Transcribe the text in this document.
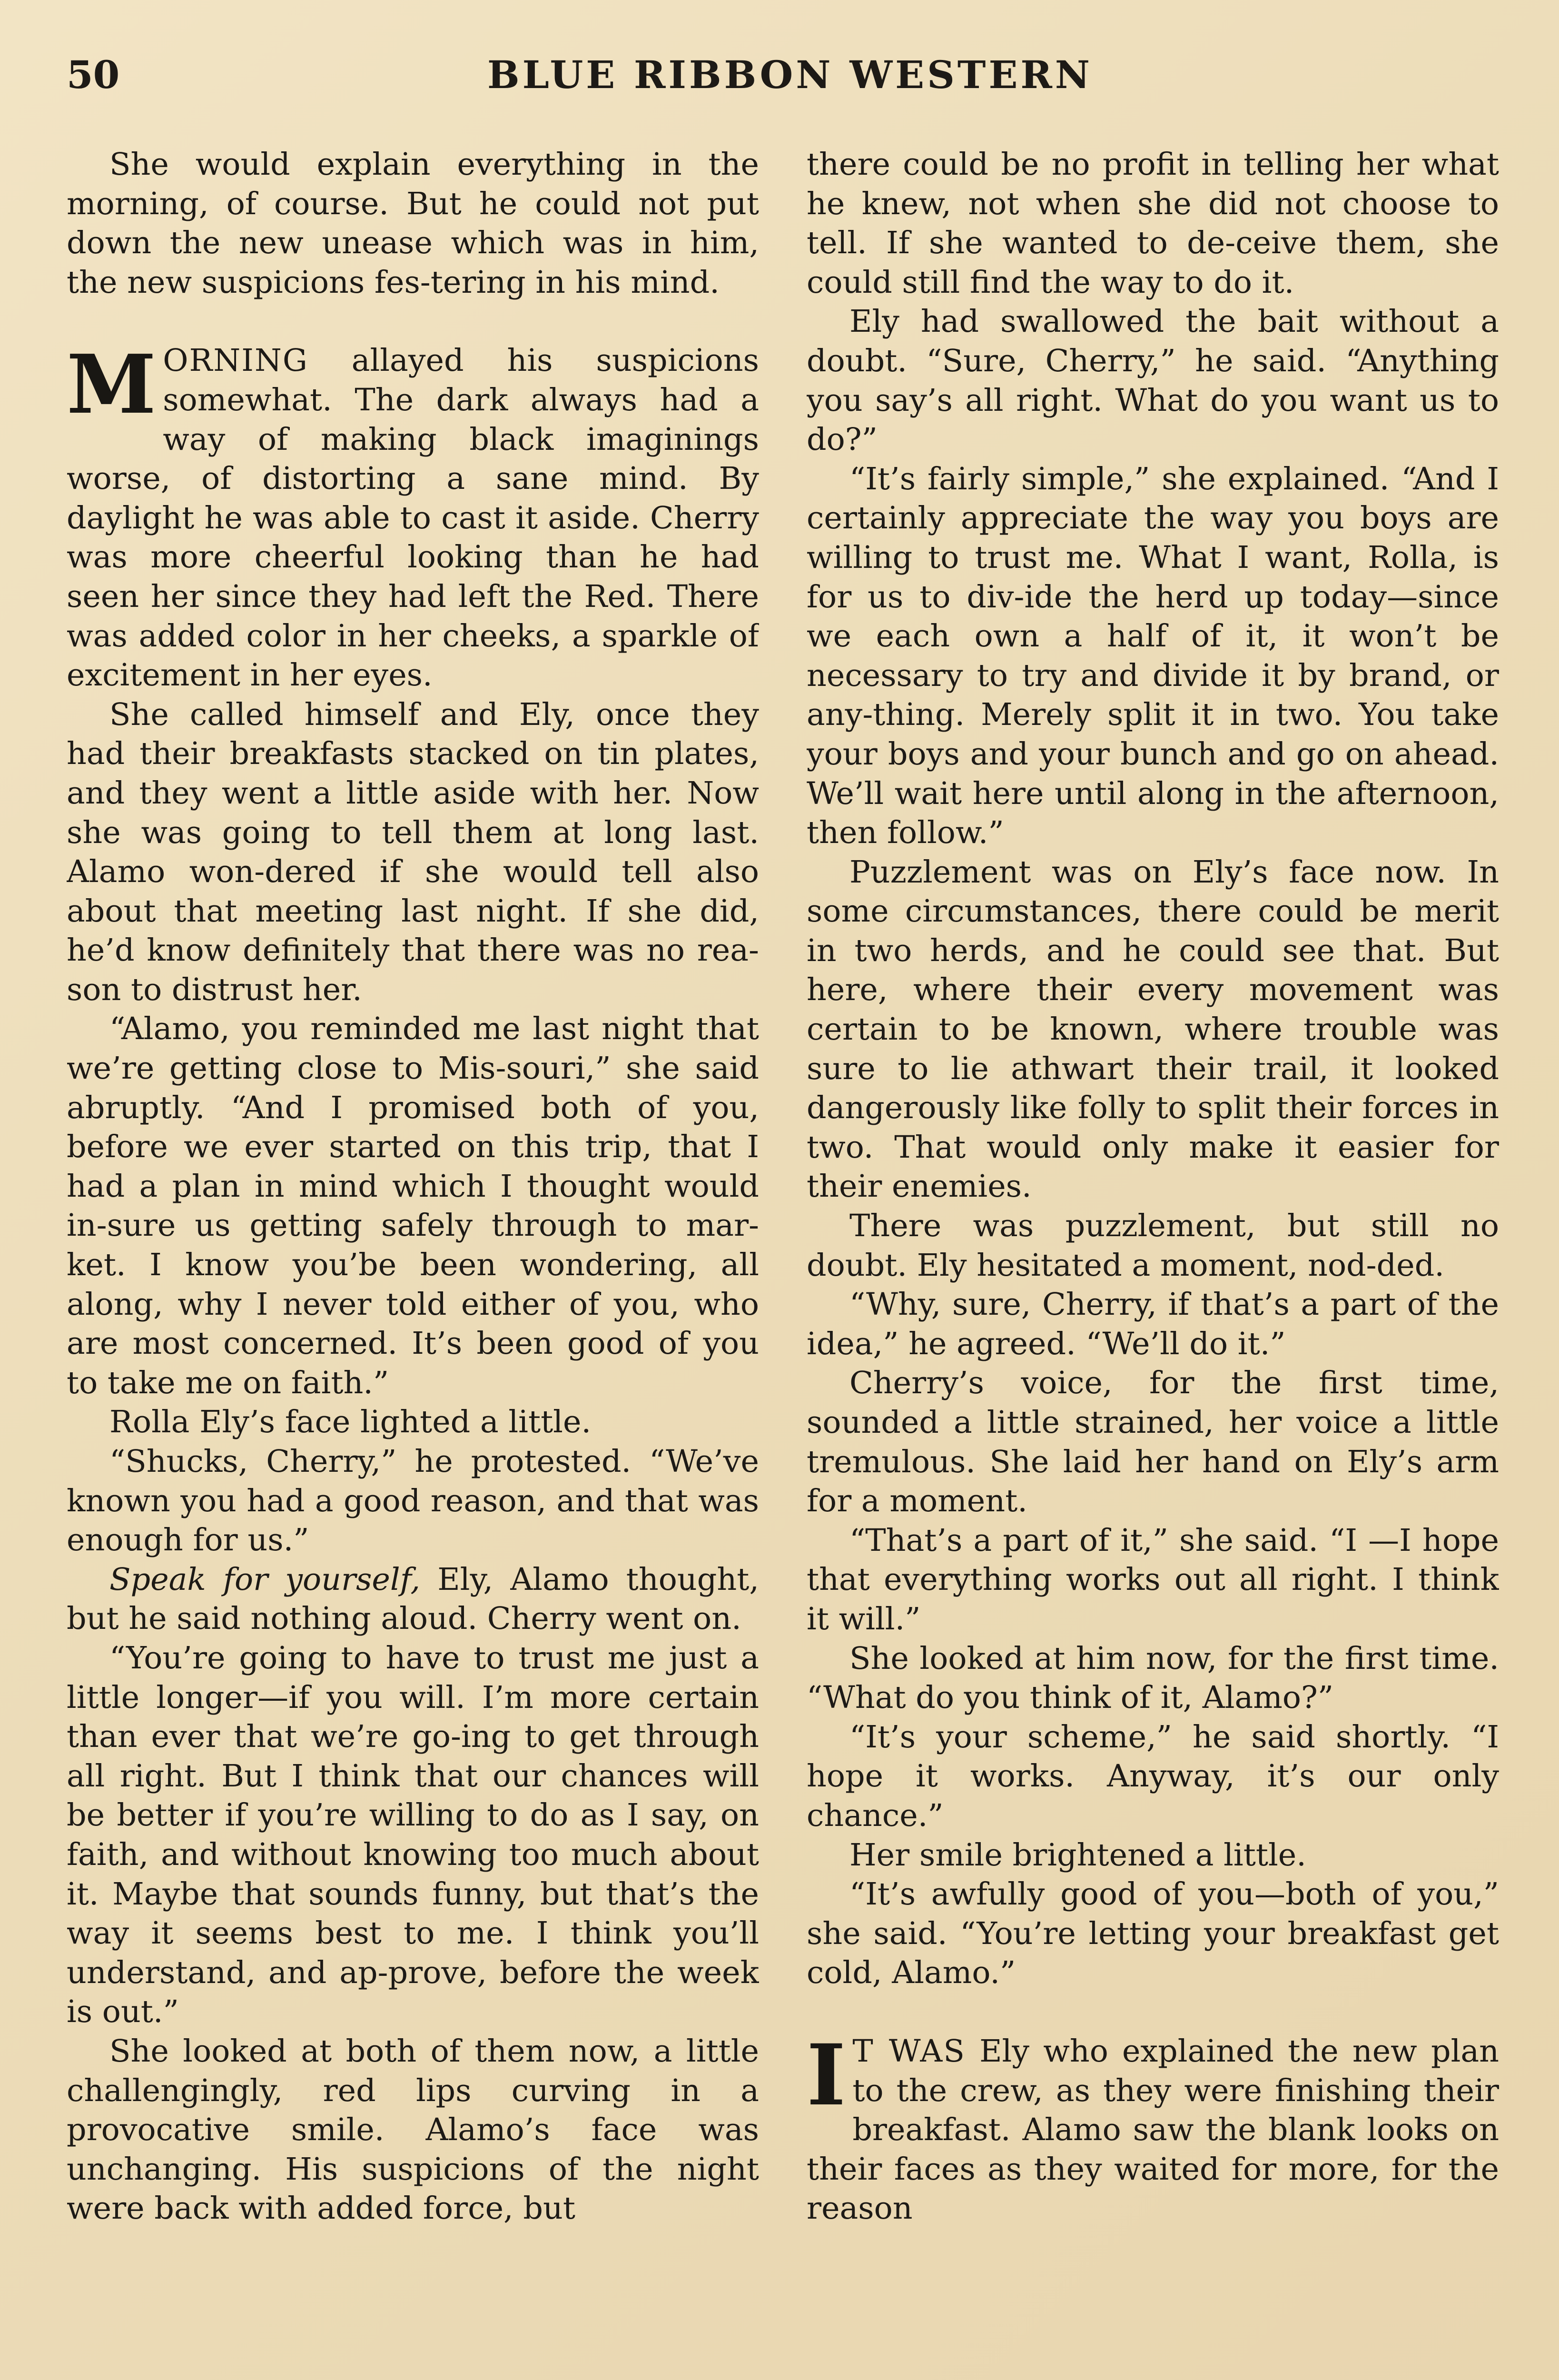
50	BLUE RIBBON WESTERN

She would explain everything in the morning, of course. But he could not put down the new unease which was in him, the new suspicions fes-tering in his mind.

MORNING allayed his suspicions somewhat. The dark always had a way of making black imaginings worse, of distorting a sane mind. By daylight he was able to cast it aside. Cherry was more cheerful looking than he had seen her since they had left the Red. There was added color in her cheeks, a sparkle of excitement in her eyes.

She called himself and Ely, once they had their breakfasts stacked on tin plates, and they went a little aside with her. Now she was going to tell them at long last. Alamo won-dered if she would tell also about that meeting last night. If she did, he’d know definitely that there was no rea-son to distrust her.

“Alamo, you reminded me last night that we’re getting close to Mis-souri,” she said abruptly. “And I promised both of you, before we ever started on this trip, that I had a plan in mind which I thought would in-sure us getting safely through to mar-ket. I know you’be been wondering, all along, why I never told either of you, who are most concerned. It’s been good of you to take me on faith.”

Rolla Ely’s face lighted a little.

“Shucks, Cherry,” he protested. “We’ve known you had a good reason, and that was enough for us.”

Speak for yourself, Ely, Alamo thought, but he said nothing aloud. Cherry went on.

“You’re going to have to trust me just a little longer—if you will. I’m more certain than ever that we’re go-ing to get through all right. But I think that our chances will be better if you’re willing to do as I say, on faith, and without knowing too much about it. Maybe that sounds funny, but that’s the way it seems best to me. I think you’ll understand, and ap-prove, before the week is out.”

She looked at both of them now, a little challengingly, red lips curving in a provocative smile. Alamo’s face was unchanging. His suspicions of the night were back with added force, but

there could be no profit in telling her what he knew, not when she did not choose to tell. If she wanted to de-ceive them, she could still find the way to do it.

Ely had swallowed the bait without a doubt. “Sure, Cherry,” he said. “Anything you say’s all right. What do you want us to do?”

“It’s fairly simple,” she explained. “And I certainly appreciate the way you boys are willing to trust me. What I want, Rolla, is for us to div-ide the herd up today—since we each own a half of it, it won’t be necessary to try and divide it by brand, or any-thing. Merely split it in two. You take your boys and your bunch and go on ahead. We’ll wait here until along in the afternoon, then follow.”

Puzzlement was on Ely’s face now. In some circumstances, there could be merit in two herds, and he could see that. But here, where their every movement was certain to be known, where trouble was sure to lie athwart their trail, it looked dangerously like folly to split their forces in two. That would only make it easier for their enemies.

There was puzzlement, but still no doubt. Ely hesitated a moment, nod-ded.

“Why, sure, Cherry, if that’s a part of the idea,” he agreed. “We’ll do it.”

Cherry’s voice, for the first time, sounded a little strained, her voice a little tremulous. She laid her hand on Ely’s arm for a moment.

“That’s a part of it,” she said. “I —I hope that everything works out all right. I think it will.”

She looked at him now, for the first time. “What do you think of it, Alamo?”

“It’s your scheme,” he said shortly. “I hope it works. Anyway, it’s our only chance.”

Her smile brightened a little.

“It’s awfully good of you—both of you,” she said. “You’re letting your breakfast get cold, Alamo.”

I T WAS Ely who explained the new plan to the crew, as they were finishing their breakfast. Alamo saw the blank looks on their faces as they waited for more, for the reason
